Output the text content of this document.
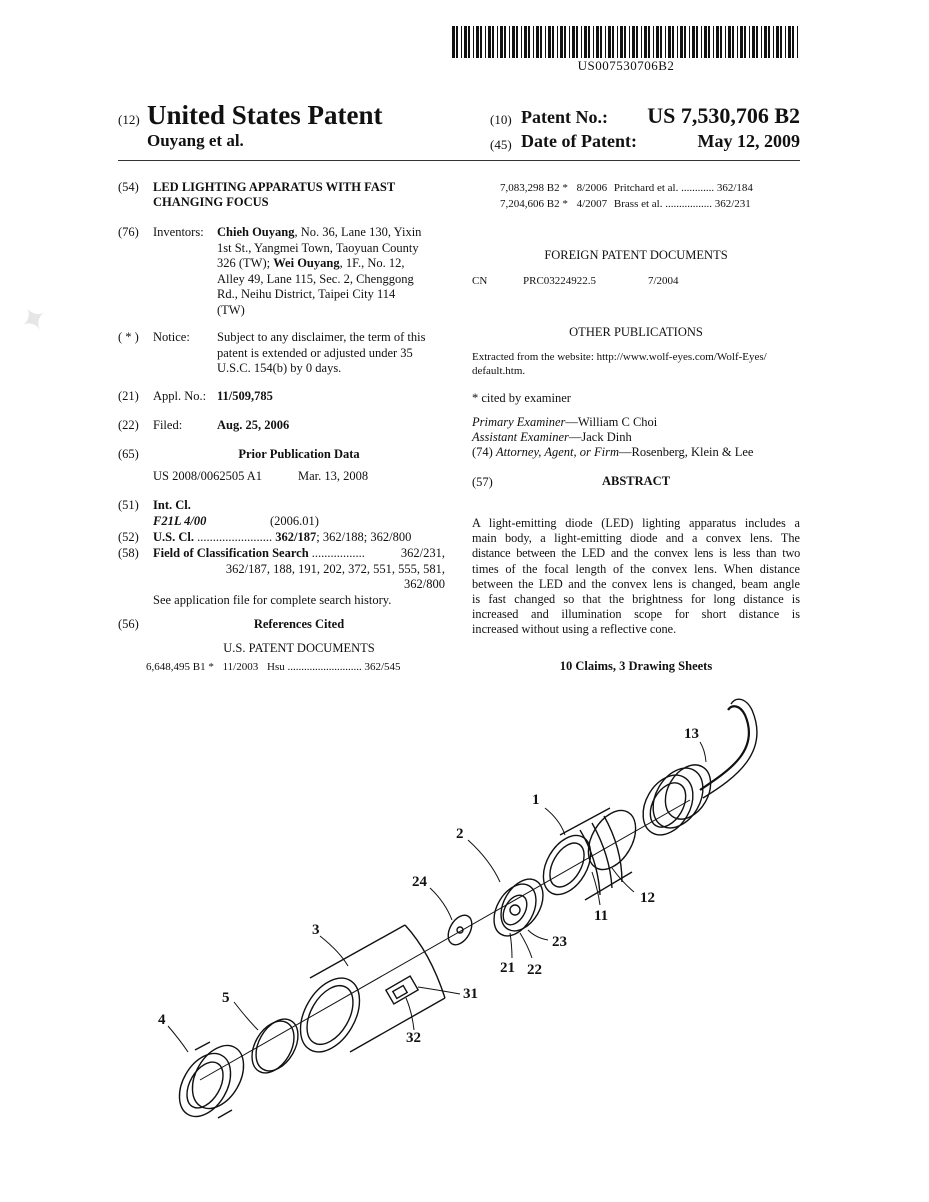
✦
US007530706B2
(12) United States Patent
Ouyang et al.
(10) Patent No.:	US 7,530,706 B2
(45) Date of Patent:	May 12, 2009
(54) LED LIGHTING APPARATUS WITH FAST
CHANGING FOCUS
(76) Inventors: Chieh Ouyang, No. 36, Lane 130, Yixin
1st St., Yangmei Town, Taoyuan County
326 (TW); Wei Ouyang, 1F., No. 12,
Alley 49, Lane 115, Sec. 2, Chenggong
Rd., Neihu District, Taipei City 114
(TW)
( * ) Notice: Subject to any disclaimer, the term of this
patent is extended or adjusted under 35
U.S.C. 154(b) by 0 days.
(21) Appl. No.: 11/509,785
(22) Filed:	Aug. 25, 2006
(65)	Prior Publication Data
US 2008/0062505 A1	Mar. 13, 2008
(51) Int. Cl.
F21L 4/00	(2006.01)
(52) U.S. Cl. ........................ 362/187; 362/188; 362/800
(58) Field of Classification Search .................	362/231,
362/187, 188, 191, 202, 372, 551, 555, 581,
362/800
See application file for complete search history.
(56)	References Cited
U.S. PATENT DOCUMENTS
6,648,495 B1 * 11/2003 Hsu ........................... 362/545
7,083,298 B2 * 8/2006 Pritchard et al. ............ 362/184
7,204,606 B2 * 4/2007 Brass et al. ................. 362/231
FOREIGN PATENT DOCUMENTS
CN	PRC03224922.5	7/2004
OTHER PUBLICATIONS
Extracted from the website: http://www.wolf-eyes.com/Wolf-Eyes/
default.htm.
* cited by examiner
Primary Examiner—William C Choi
Assistant Examiner—Jack Dinh
(74) Attorney, Agent, or Firm—Rosenberg, Klein & Lee
(57)	ABSTRACT
A light-emitting diode (LED) lighting apparatus includes a
main body, a light-emitting diode and a convex lens. The
distance between the LED and the convex lens is less than two
times of the focal length of the convex lens. When distance
between the LED and the convex lens is changed, beam angle
is fast changed so that the brightness for long distance is
increased and illumination scope for short distance is
increased without using a reflective cone.
10 Claims, 3 Drawing Sheets
13
1
2
24
3
12
11
23
21 22
31
5
4
32
